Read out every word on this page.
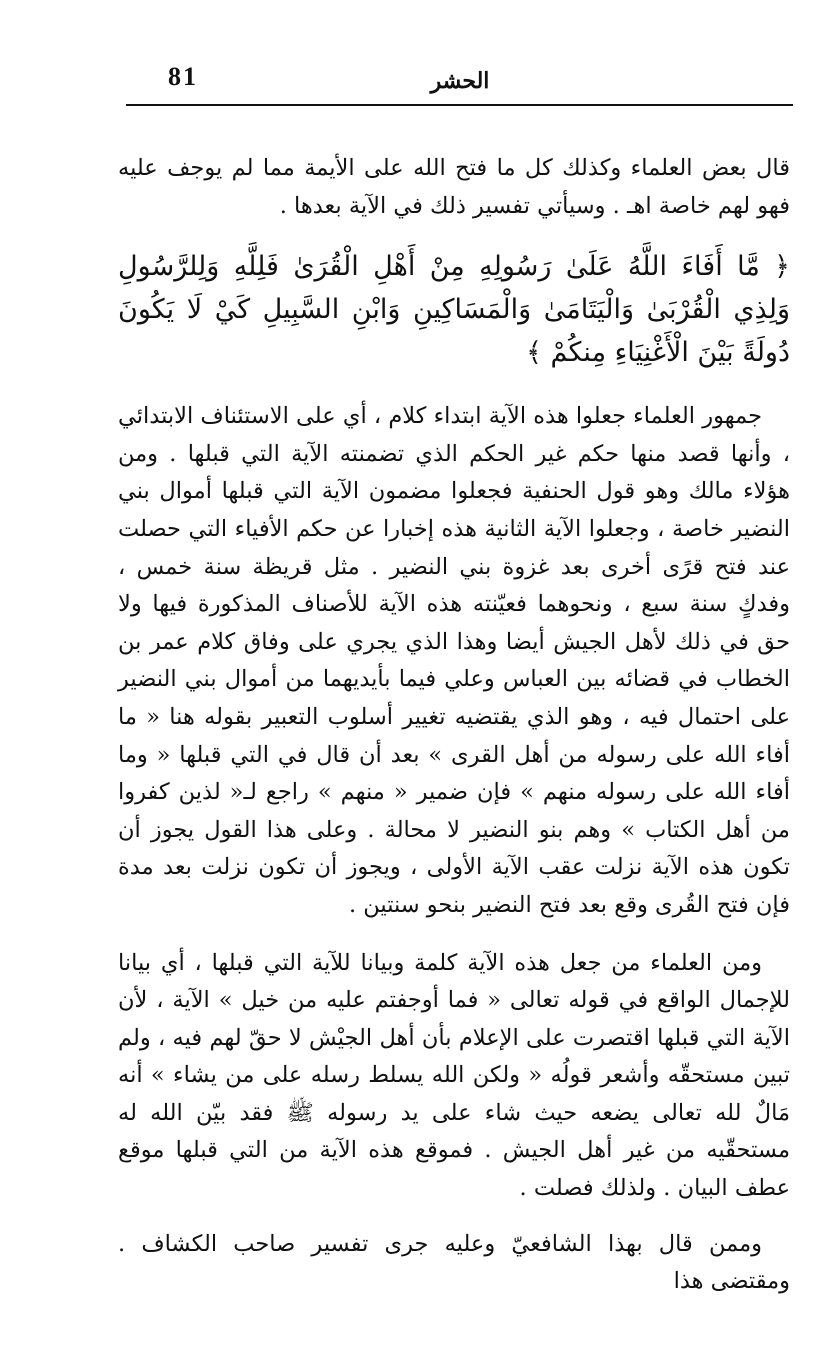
81	الحشر

قال بعض العلماء وكذلك كل ما فتح الله على الأيمة مما لم يوجف عليه فهو لهم خاصة اهـ . وسيأتي تفسير ذلك في الآية بعدها .

﴿ مَّا أَفَاءَ اللَّهُ عَلَىٰ رَسُولِهِ مِنْ أَهْلِ الْقُرَىٰ فَلِلَّهِ وَلِلرَّسُولِ وَلِذِي الْقُرْبَىٰ وَالْيَتَامَىٰ وَالْمَسَاكِينِ وَابْنِ السَّبِيلِ كَيْ لَا يَكُونَ دُولَةً بَيْنَ الْأَغْنِيَاءِ مِنكُمْ ﴾

جمهور العلماء جعلوا هذه الآية ابتداء كلام ، أي على الاستئناف الابتدائي ، وأنها قصد منها حكم غير الحكم الذي تضمنته الآية التي قبلها . ومن هؤلاء مالك وهو قول الحنفية فجعلوا مضمون الآية التي قبلها أموال بني النضير خاصة ، وجعلوا الآية الثانية هذه إخبارا عن حكم الأفياء التي حصلت عند فتح قرًى أخرى بعد غزوة بني النضير . مثل قريظة سنة خمس ، وفدكٍ سنة سبع ، ونحوهما فعيّنته هذه الآية للأصناف المذكورة فيها ولا حق في ذلك لأهل الجيش أيضا وهذا الذي يجري على وفاق كلام عمر بن الخطاب في قضائه بين العباس وعلي فيما بأيديهما من أموال بني النضير على احتمال فيه ، وهو الذي يقتضيه تغيير أسلوب التعبير بقوله هنا « ما أفاء الله على رسوله من أهل القرى » بعد أن قال في التي قبلها « وما أفاء الله على رسوله منهم » فإن ضمير « منهم » راجع لـ« لذين كفروا من أهل الكتاب » وهم بنو النضير لا محالة . وعلى هذا القول يجوز أن تكون هذه الآية نزلت عقب الآية الأولى ، ويجوز أن تكون نزلت بعد مدة فإن فتح القُرى وقع بعد فتح النضير بنحو سنتين .

ومن العلماء من جعل هذه الآية كلمة وبيانا للآية التي قبلها ، أي بيانا للإجمال الواقع في قوله تعالى « فما أوجفتم عليه من خيل » الآية ، لأن الآية التي قبلها اقتصرت على الإعلام بأن أهل الجيْش لا حقّ لهم فيه ، ولم تبين مستحقّه وأشعر قولُه « ولكن الله يسلط رسله على من يشاء » أنه مَالٌ لله تعالى يضعه حيث شاء على يد رسوله ﷺ فقد بيّن الله له مستحقّيه من غير أهل الجيش . فموقع هذه الآية من التي قبلها موقع عطف البيان . ولذلك فصلت .

وممن قال بهذا الشافعيّ وعليه جرى تفسير صاحب الكشاف . ومقتضى هذا
